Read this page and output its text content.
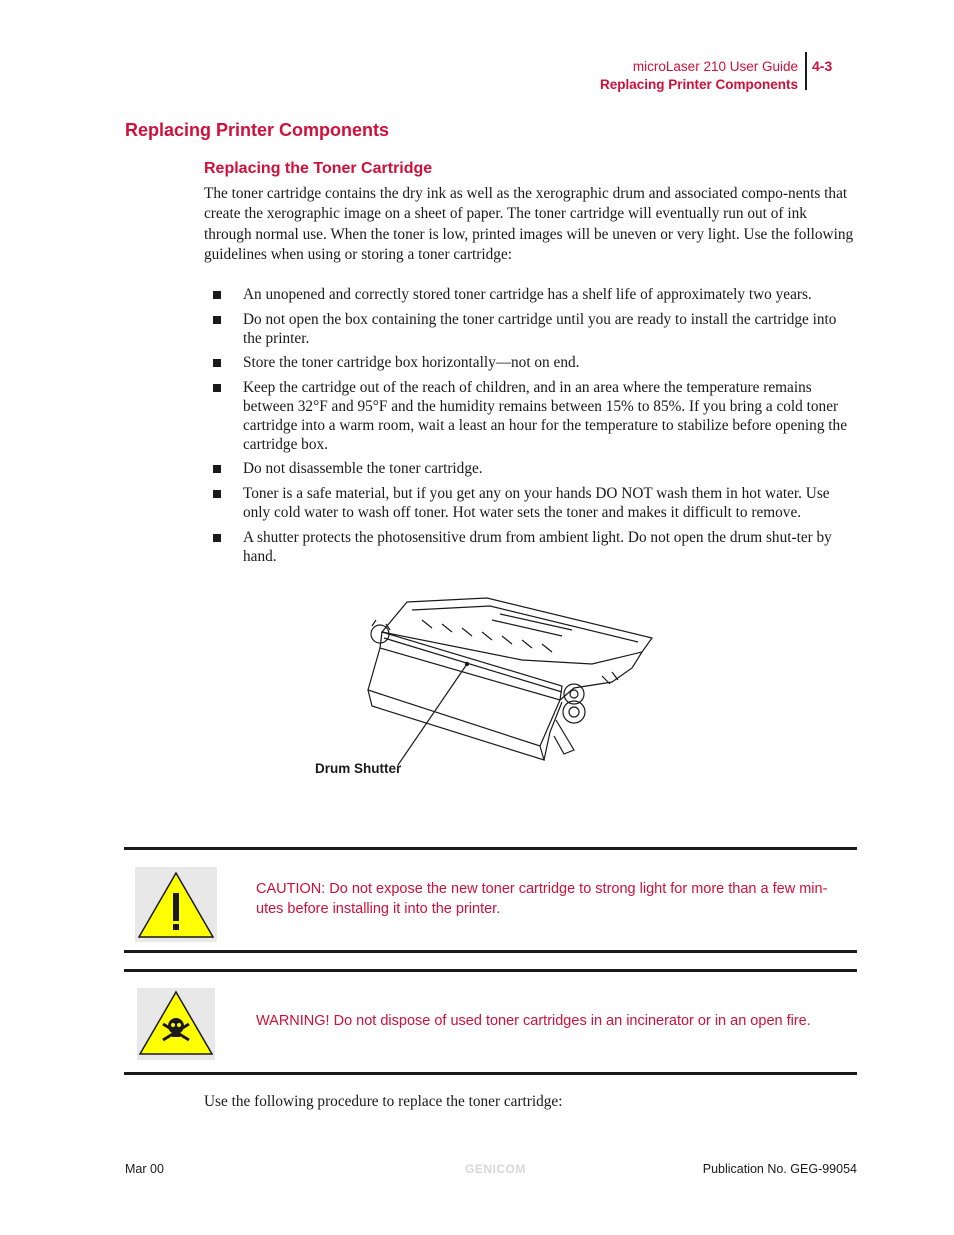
microLaser 210 User Guide
Replacing Printer Components
4-3
Replacing Printer Components
Replacing the Toner Cartridge

The toner cartridge contains the dry ink as well as the xerographic drum and associated compo-nents that create the xerographic image on a sheet of paper. The toner cartridge will eventually run out of ink through normal use. When the toner is low, printed images will be uneven or very light. Use the following guidelines when using or storing a toner cartridge:

An unopened and correctly stored toner cartridge has a shelf life of approximately two years.
Do not open the box containing the toner cartridge until you are ready to install the cartridge into the printer.
Store the toner cartridge box horizontally—not on end.
Keep the cartridge out of the reach of children, and in an area where the temperature remains between 32°F and 95°F and the humidity remains between 15% to 85%. If you bring a cold toner cartridge into a warm room, wait a least an hour for the temperature to stabilize before opening the cartridge box.
Do not disassemble the toner cartridge.
Toner is a safe material, but if you get any on your hands DO NOT wash them in hot water. Use only cold water to wash off toner. Hot water sets the toner and makes it difficult to remove.
A shutter protects the photosensitive drum from ambient light. Do not open the drum shut-ter by hand.
Drum Shutter
CAUTION: Do not expose the new toner cartridge to strong light for more than a few min-utes before installing it into the printer.
WARNING! Do not dispose of used toner cartridges in an incinerator or in an open fire.

Use the following procedure to replace the toner cartridge:

Mar 00	GENICOM	Publication No. GEG-99054
